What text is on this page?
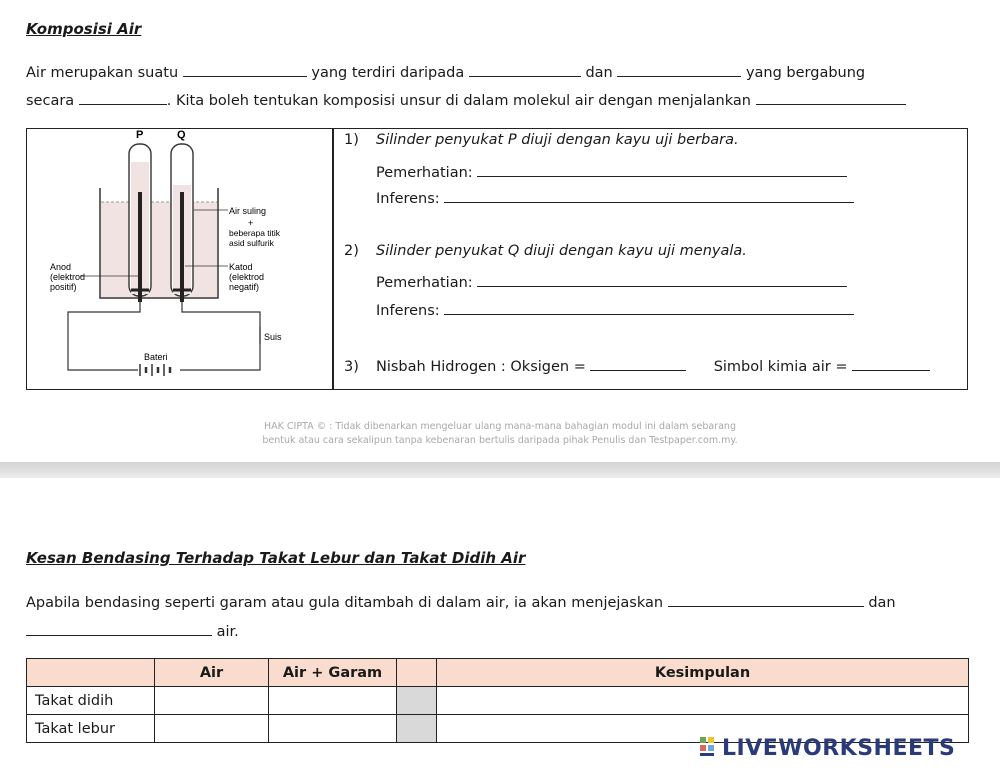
Komposisi Air
Air merupakan suatu	yang terdiri daripada	dan	yang bergabung
secara	. Kita boleh tentukan komposisi unsur di dalam molekul air dengan menjalankan
P	Q
Air suling
+
beberapa titik
asid sulfurik
Katod
(elektrod
negatif)
Anod
(elektrod
positif)
Suis
Bateri
1) Silinder penyukat P diuji dengan kayu uji berbara.
Pemerhatian:
Inferens:
2) Silinder penyukat Q diuji dengan kayu uji menyala.
Pemerhatian:
Inferens:
3) Nisbah Hidrogen : Oksigen =	Simbol kimia air =
HAK CIPTA © : Tidak dibenarkan mengeluar ulang mana-mana bahagian modul ini dalam sebarang
bentuk atau cara sekalipun tanpa kebenaran bertulis daripada pihak Penulis dan Testpaper.com.my.
Kesan Bendasing Terhadap Takat Lebur dan Takat Didih Air
Apabila bendasing seperti garam atau gula ditambah di dalam air, ia akan menjejaskan	dan
air.
	Air	Air + Garam		Kesimpulan
Takat didih				
Takat lebur				
LIVEWORKSHEETS
